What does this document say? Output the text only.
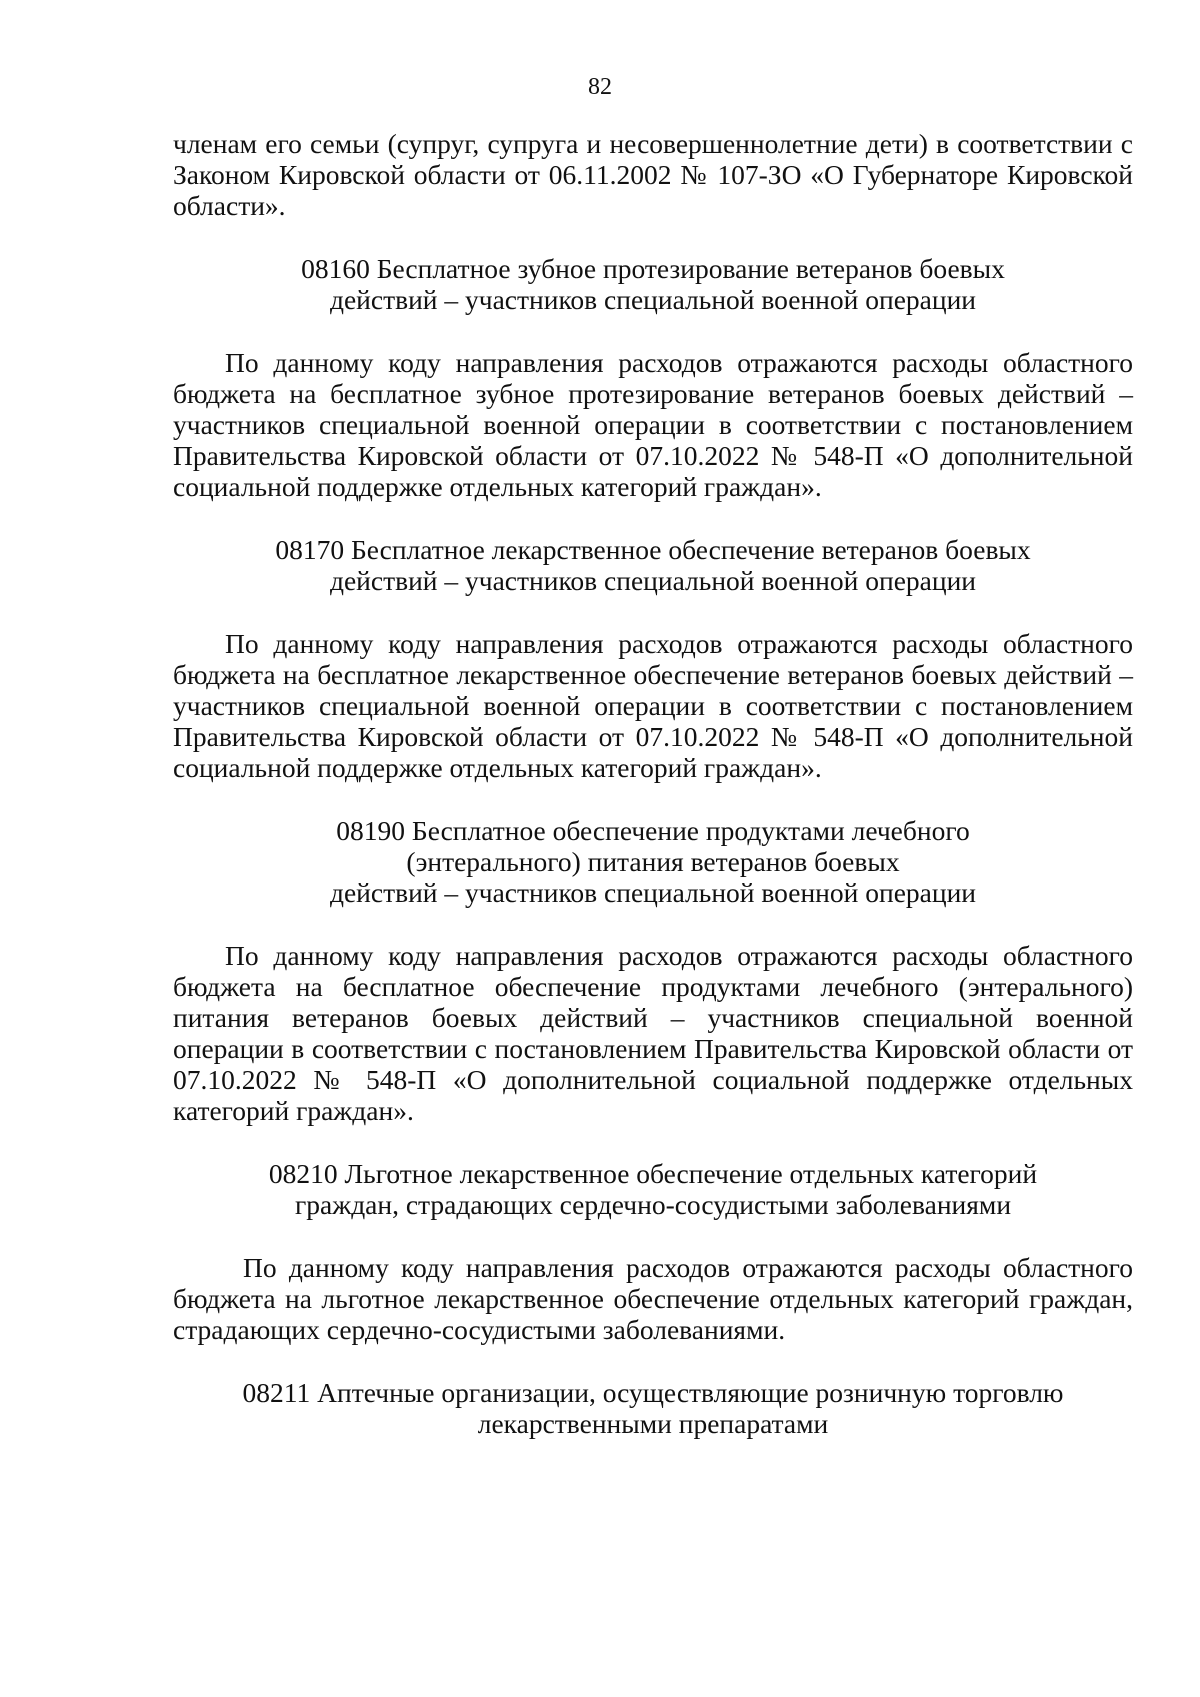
82

членам его семьи (супруг, супруга и несовершеннолетние дети) в соответствии с Законом Кировской области от 06.11.2002 № 107-ЗО «О Губернаторе Кировской области».

08160 Бесплатное зубное протезирование ветеранов боевых
действий – участников специальной военной операции

По данному коду направления расходов отражаются расходы областного бюджета на бесплатное зубное протезирование ветеранов боевых действий – участников специальной военной операции в соответствии с постановлением Правительства Кировской области от 07.10.2022 № 548-П «О дополнительной социальной поддержке отдельных категорий граждан».

08170 Бесплатное лекарственное обеспечение ветеранов боевых
действий – участников специальной военной операции

По данному коду направления расходов отражаются расходы областного бюджета на бесплатное лекарственное обеспечение ветеранов боевых действий – участников специальной военной операции в соответствии с постановлением Правительства Кировской области от 07.10.2022 № 548-П «О дополнительной социальной поддержке отдельных категорий граждан».

08190 Бесплатное обеспечение продуктами лечебного
(энтерального) питания ветеранов боевых
действий – участников специальной военной операции

По данному коду направления расходов отражаются расходы областного бюджета на бесплатное обеспечение продуктами лечебного (энтерального) питания ветеранов боевых действий – участников специальной военной операции в соответствии с постановлением Правительства Кировской области от 07.10.2022 № 548-П «О дополнительной социальной поддержке отдельных категорий граждан».

08210 Льготное лекарственное обеспечение отдельных категорий
граждан, страдающих сердечно-сосудистыми заболеваниями

По данному коду направления расходов отражаются расходы областного бюджета на льготное лекарственное обеспечение отдельных категорий граждан, страдающих сердечно-сосудистыми заболеваниями.

08211 Аптечные организации, осуществляющие розничную торговлю
лекарственными препаратами
